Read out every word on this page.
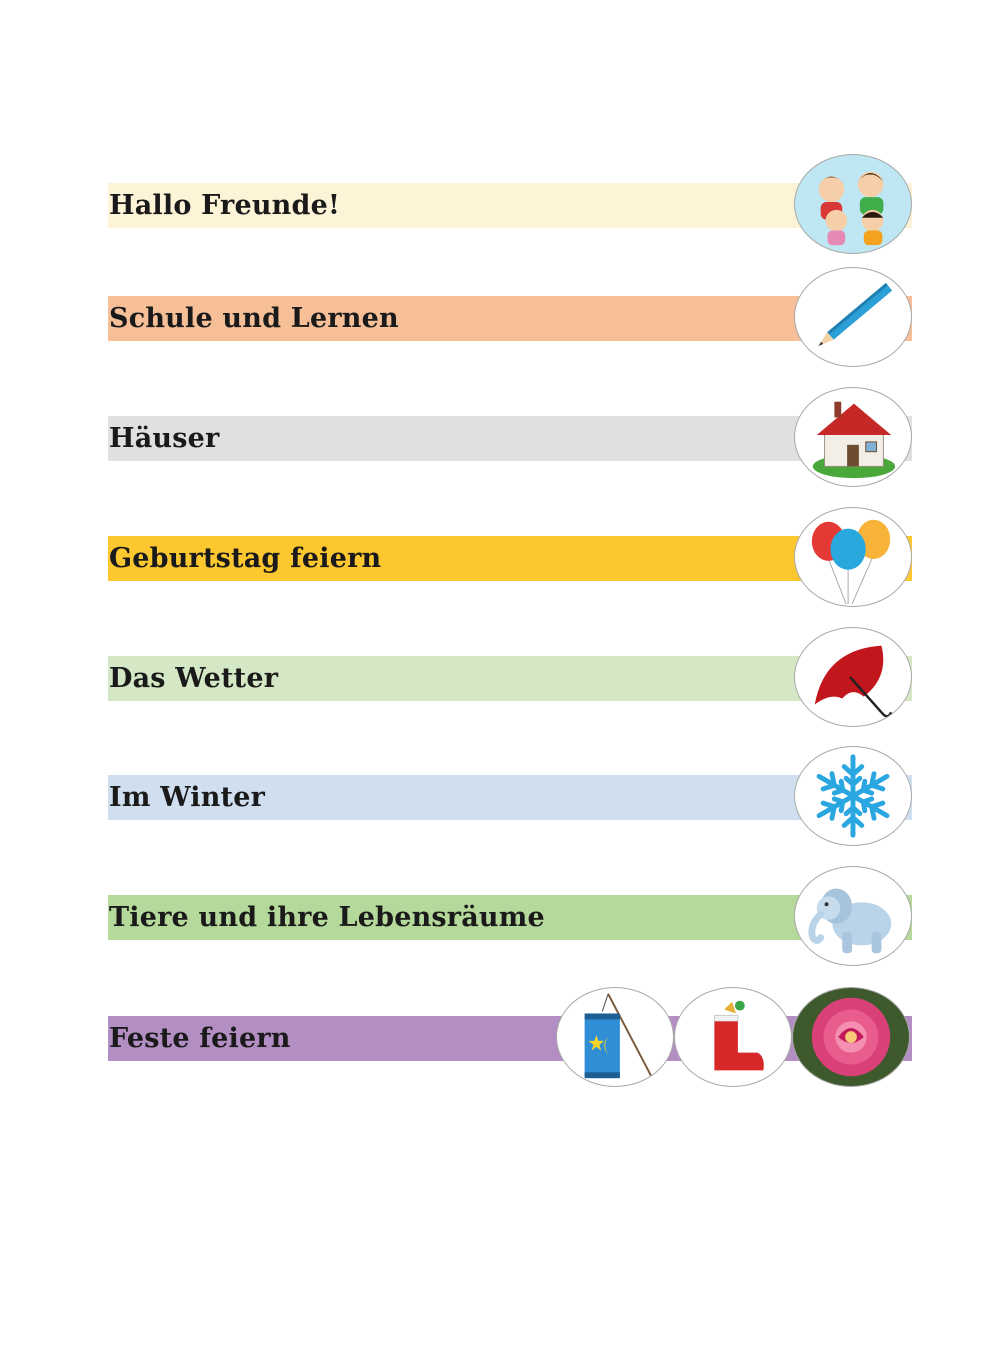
Hallo Freunde!
Schule und Lernen
Häuser
Geburtstag feiern
Das Wetter
Im Winter
Tiere und ihre Lebensräume
Feste feiern
